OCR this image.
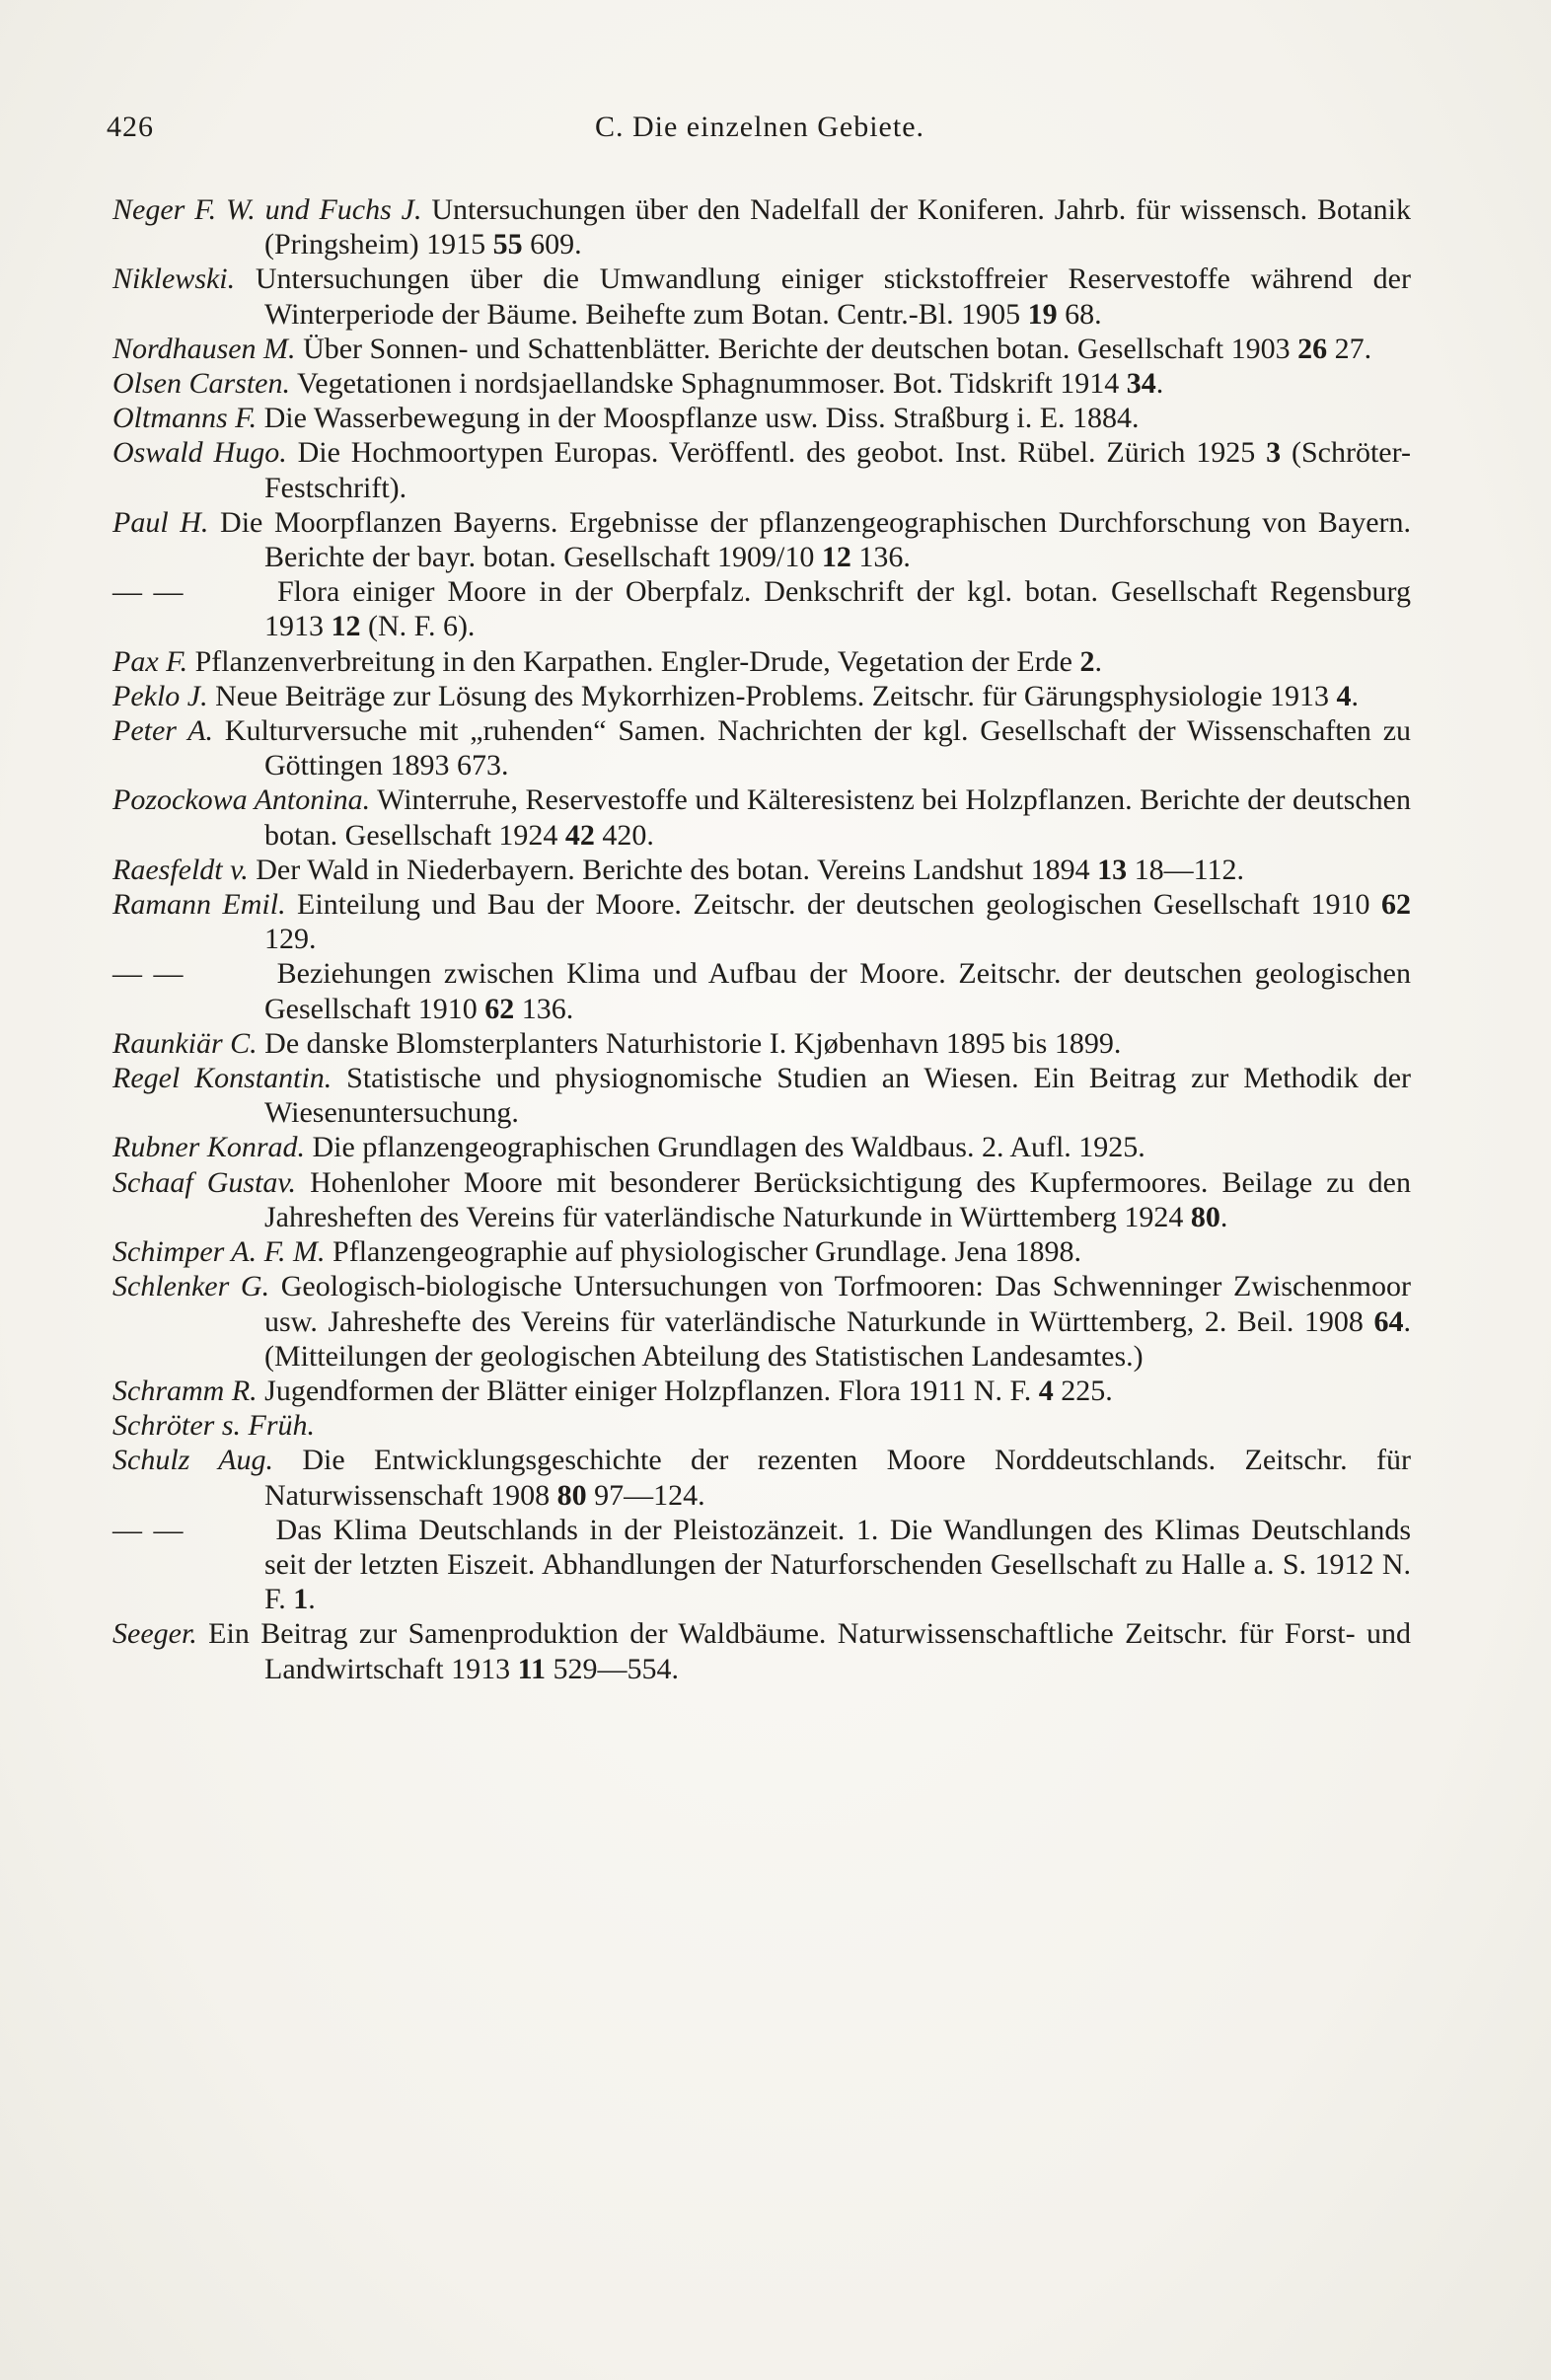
426	C. Die einzelnen Gebiete.

Neger F. W. und Fuchs J. Untersuchungen über den Nadelfall der Koniferen. Jahrb. für wissensch. Botanik (Pringsheim) 1915 55 609.

Niklewski. Untersuchungen über die Umwandlung einiger stickstoffreier Reservestoffe während der Winterperiode der Bäume. Beihefte zum Botan. Centr.-Bl. 1905 19 68.

Nordhausen M. Über Sonnen- und Schattenblätter. Berichte der deutschen botan. Gesellschaft 1903 26 27.

Olsen Carsten. Vegetationen i nordsjaellandske Sphagnummoser. Bot. Tidskrift 1914 34.

Oltmanns F. Die Wasserbewegung in der Moospflanze usw. Diss. Straßburg i. E. 1884.

Oswald Hugo. Die Hochmoortypen Europas. Veröffentl. des geobot. Inst. Rübel. Zürich 1925 3 (Schröter-Festschrift).

Paul H. Die Moorpflanzen Bayerns. Ergebnisse der pflanzengeographischen Durchforschung von Bayern. Berichte der bayr. botan. Gesellschaft 1909/10 12 136.

— —	Flora einiger Moore in der Oberpfalz. Denkschrift der kgl. botan. Gesellschaft Regensburg 1913 12 (N. F. 6).

Pax F. Pflanzenverbreitung in den Karpathen. Engler-Drude, Vegetation der Erde 2.

Peklo J. Neue Beiträge zur Lösung des Mykorrhizen-Problems. Zeitschr. für Gärungsphysiologie 1913 4.

Peter A. Kulturversuche mit „ruhenden“ Samen. Nachrichten der kgl. Gesellschaft der Wissenschaften zu Göttingen 1893 673.

Pozockowa Antonina. Winterruhe, Reservestoffe und Kälteresistenz bei Holzpflanzen. Berichte der deutschen botan. Gesellschaft 1924 42 420.

Raesfeldt v. Der Wald in Niederbayern. Berichte des botan. Vereins Landshut 1894 13 18—112.

Ramann Emil. Einteilung und Bau der Moore. Zeitschr. der deutschen geologischen Gesellschaft 1910 62 129.

— —	Beziehungen zwischen Klima und Aufbau der Moore. Zeitschr. der deutschen geologischen Gesellschaft 1910 62 136.

Raunkiär C. De danske Blomsterplanters Naturhistorie I. Kjøbenhavn 1895 bis 1899.

Regel Konstantin. Statistische und physiognomische Studien an Wiesen. Ein Beitrag zur Methodik der Wiesenuntersuchung.

Rubner Konrad. Die pflanzengeographischen Grundlagen des Waldbaus. 2. Aufl. 1925.

Schaaf Gustav. Hohenloher Moore mit besonderer Berücksichtigung des Kupfermoores. Beilage zu den Jahresheften des Vereins für vaterländische Naturkunde in Württemberg 1924 80.

Schimper A. F. M. Pflanzengeographie auf physiologischer Grundlage. Jena 1898.

Schlenker G. Geologisch-biologische Untersuchungen von Torfmooren: Das Schwenninger Zwischenmoor usw. Jahreshefte des Vereins für vaterländische Naturkunde in Württemberg, 2. Beil. 1908 64. (Mitteilungen der geologischen Abteilung des Statistischen Landesamtes.)

Schramm R. Jugendformen der Blätter einiger Holzpflanzen. Flora 1911 N. F. 4 225.

Schröter s. Früh.

Schulz Aug. Die Entwicklungsgeschichte der rezenten Moore Norddeutschlands. Zeitschr. für Naturwissenschaft 1908 80 97—124.

— —	Das Klima Deutschlands in der Pleistozänzeit. 1. Die Wandlungen des Klimas Deutschlands seit der letzten Eiszeit. Abhandlungen der Naturforschenden Gesellschaft zu Halle a. S. 1912 N. F. 1.

Seeger. Ein Beitrag zur Samenproduktion der Waldbäume. Naturwissenschaftliche Zeitschr. für Forst- und Landwirtschaft 1913 11 529—554.
